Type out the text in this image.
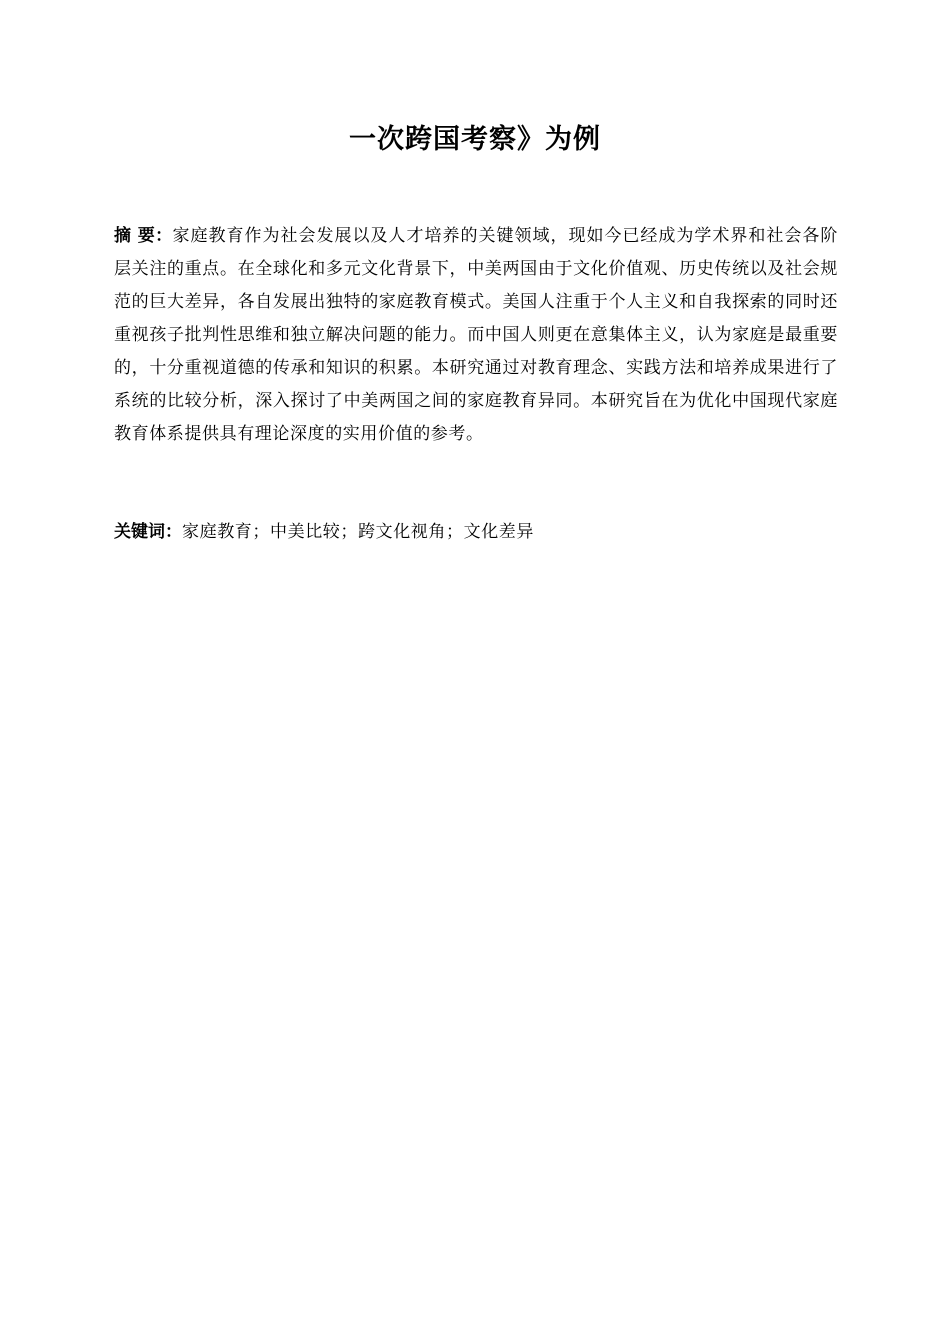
一次跨国考察》为例
摘 要：家庭教育作为社会发展以及人才培养的关键领域，现如今已经成为学术界和社会各阶层关注的重点。在全球化和多元文化背景下，中美两国由于文化价值观、历史传统以及社会规范的巨大差异，各自发展出独特的家庭教育模式。美国人注重于个人主义和自我探索的同时还重视孩子批判性思维和独立解决问题的能力。而中国人则更在意集体主义，认为家庭是最重要的，十分重视道德的传承和知识的积累。本研究通过对教育理念、实践方法和培养成果进行了系统的比较分析，深入探讨了中美两国之间的家庭教育异同。本研究旨在为优化中国现代家庭教育体系提供具有理论深度的实用价值的参考。
关键词：家庭教育；中美比较；跨文化视角；文化差异
